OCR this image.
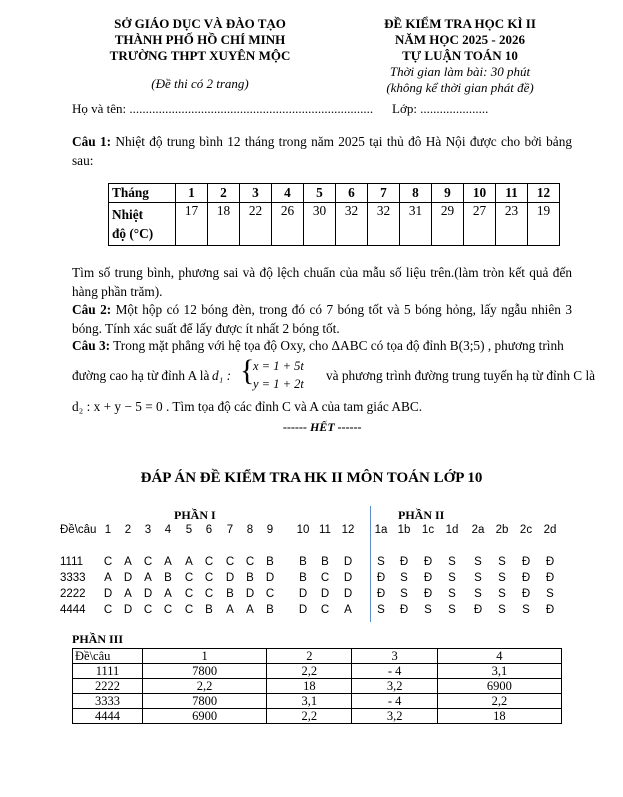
SỞ GIÁO DỤC VÀ ĐÀO TẠO
THÀNH PHỐ HỒ CHÍ MINH
TRƯỜNG THPT XUYÊN MỘC
(Đề thi có 2 trang)
ĐỀ KIỂM TRA HỌC KÌ II
NĂM HỌC 2025 - 2026
TỰ LUẬN TOÁN 10
Thời gian làm bài: 30 phút
(không kể thời gian phát đề)
Họ và tên: ........................................................................... Lớp: .....................
Câu 1: Nhiệt độ trung bình 12 tháng trong năm 2025 tại thủ đô Hà Nội được cho bởi bảng sau:
Tháng	1	2	3	4	5	6	7	8	9	10	11	12

Nhiệt
độ (°C)	17	18	22	26	30	32	32	31	29	27	23	19
Tìm số trung bình, phương sai và độ lệch chuẩn của mẫu số liệu trên.(làm tròn kết quả đến hàng phần trăm).
Câu 2: Một hộp có 12 bóng đèn, trong đó có 7 bóng tốt và 5 bóng hỏng, lấy ngẫu nhiên 3 bóng. Tính xác suất để lấy được ít nhất 2 bóng tốt.
Câu 3: Trong mặt phẳng với hệ tọa độ Oxy, cho ΔABC có tọa độ đỉnh B(3;5) , phương trình
đường cao hạ từ đỉnh A là d₁ : {
x = 1 + 5t
y = 1 + 2t
và phương trình đường trung tuyến hạ từ đỉnh C là
d₂ : x + y − 5 = 0 . Tìm tọa độ các đỉnh C và A của tam giác ABC.
------ HẾT ------
ĐÁP ÁN ĐỀ KIỂM TRA HK II MÔN TOÁN LỚP 10
PHẦN I	PHẦN II
Đề\câu 1	2	3	4	5	6	7	8	9	10 11 12	1a 1b	1c	1d	2a 2b	2c	2d
1111	C	A	C	A	A	C	C	C	B	B	B	D	S	Đ	Đ	S	S	S	Đ	Đ
3333	A	D	A	B	C	C	D	B	D	B	C	D	Đ	S	Đ	S	S	S	Đ	Đ
2222	D	A	D	A	C	C	B	D	C	D	D	D	Đ	S	Đ	S	S	S	Đ	S
4444	C	D	C	C	C	B	A	A	B	D	C	A	S	Đ	S	S	Đ	S	S	Đ
PHẦN III
Đề\câu	1	2	3	4
1111	7800	2,2	- 4	3,1
2222	2,2	18	3,2	6900
3333	7800	3,1	- 4	2,2
4444	6900	2,2	3,2	18
